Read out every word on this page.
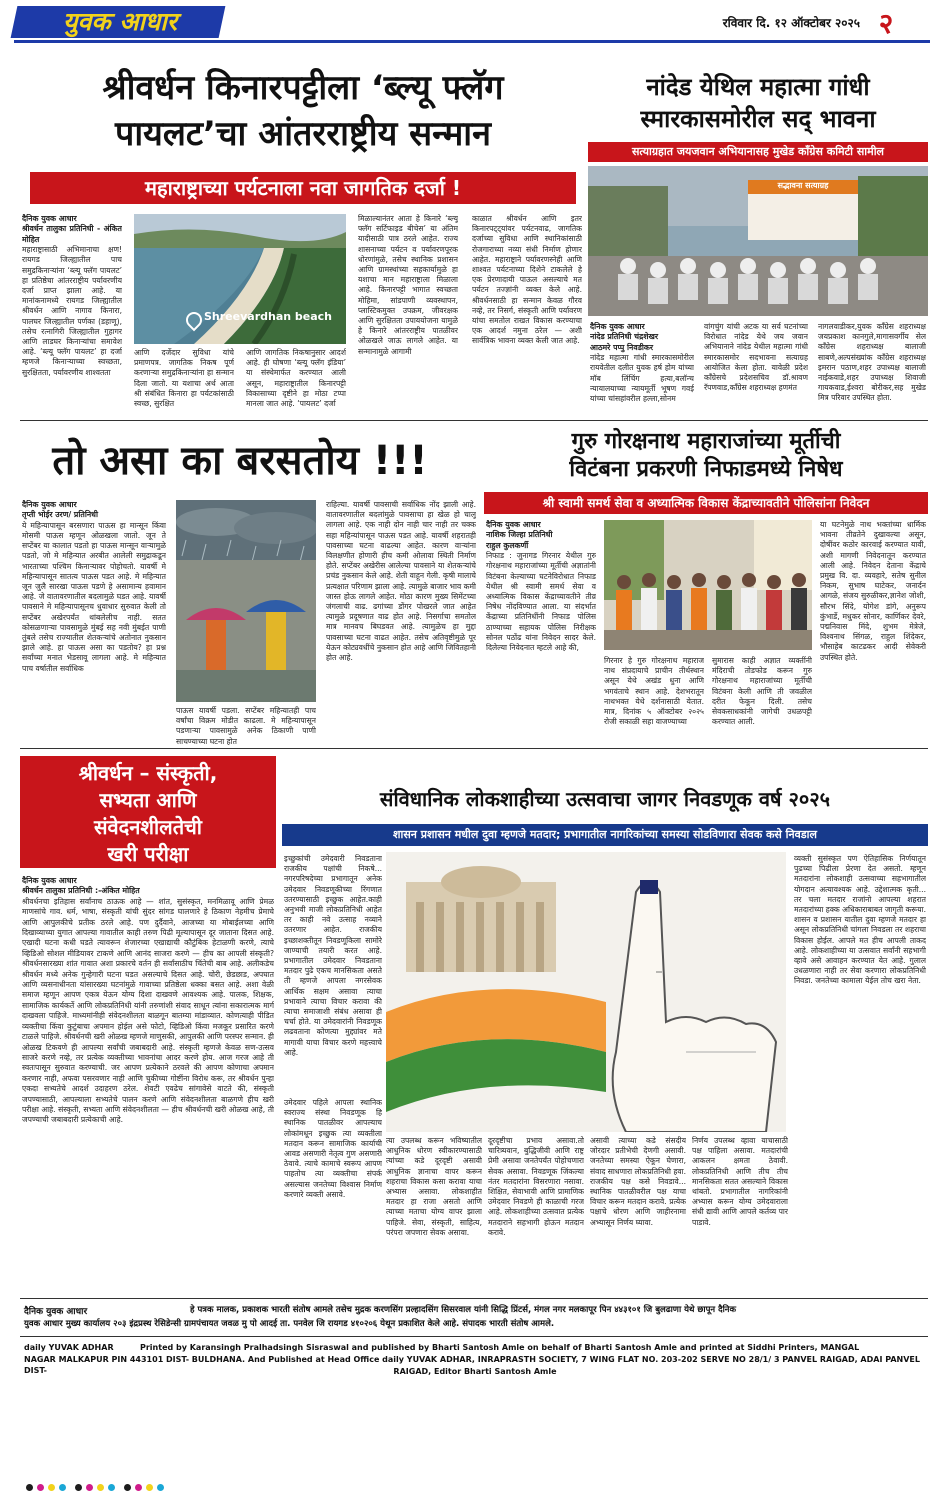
युवक आधार	रविवार दि. १२ ऑक्टोबर २०२५ २
श्रीवर्धन किनारपट्टीला ‘ब्ल्यू फ्लॅग
पायलट’चा आंतरराष्ट्रीय सन्मान
महाराष्ट्राच्या पर्यटनाला नवा जागतिक दर्जा !
दैनिक युवक आधार
श्रीवर्धन तालुका प्रतिनिधी - अंकित मोहित
महाराष्ट्रासाठी अभिमानाचा क्षण! रायगड जिल्ह्यातील पाच समुद्रकिनाऱ्यांना ‘ब्ल्यू फ्लॅग पायलट’ हा प्रतिष्ठेचा आंतरराष्ट्रीय पर्यावरणीय दर्जा प्राप्त झाला आहे. या मानांकनामध्ये रायगड जिल्ह्यातील श्रीवर्धन आणि नागाव किनारा, पालघर जिल्ह्यातील पर्णका (डहाणू), तसेच रत्नागिरी जिल्ह्यातील गुहागर आणि लाडघर किनाऱ्यांचा समावेश आहे. ‘ब्ल्यू फ्लॅग पायलट’ हा दर्जा म्हणजे किनाऱ्याच्या स्वच्छता, सुरक्षितता, पर्यावरणीय शाश्वतता
Shreevardhan beach
आणि दर्जेदार सुविधा यांचे प्रमाणपत्र. जागतिक निकष पूर्ण करणाऱ्या समुद्रकिनाऱ्यांना हा सन्मान दिला जातो. या यशाचा अर्थ आता श्री संबंधित किनारा हा पर्यटकांसाठी स्वच्छ, सुरक्षित
आणि जागतिक निकषानुसार आदर्श आहे. ही घोषणा ‘ब्ल्यू फ्लॅग इंडिया’ या संस्थेमार्फत करण्यात आली असून, महाराष्ट्रातील किनारपट्टी विकासाच्या दृष्टीने हा मोठा टप्पा मानला जात आहे. ‘पायलट’ दर्जा
मिळाल्यानंतर आता हे किनारे ‘ब्ल्यू फ्लॅग सर्टिफाइड बीचेस’ या अंतिम यादीसाठी पात्र ठरले आहेत. राज्य शासनाच्या पर्यटन व पर्यावरणपूरक धोरणांमुळे, तसेच स्थानिक प्रशासन आणि ग्रामस्थांच्या सहकार्यामुळे हा यशाचा मान महाराष्ट्राला मिळाला आहे. किनारपट्टी भागात स्वच्छता मोहिमा, सांडपाणी व्यवस्थापन, प्लास्टिकमुक्त उपक्रम, जीवरक्षक आणि सुरक्षितता उपाययोजना यामुळे हे किनारे आंतरराष्ट्रीय पातळीवर ओळखले जाऊ लागले आहेत. या सन्मानामुळे आगामी
काळात श्रीवर्धन आणि इतर किनारपट्ट्यांवर पर्यटनवाढ, जागतिक दर्जाच्या सुविधा आणि स्थानिकांसाठी रोजगाराच्या नव्या संधी निर्माण होणार आहेत. महाराष्ट्राने पर्यावरणस्नेही आणि शाश्वत पर्यटनाच्या दिशेने टाकलेले हे एक प्रेरणादायी पाऊल असल्याचे मत पर्यटन तज्ज्ञांनी व्यक्त केले आहे. श्रीवर्धनसाठी हा सन्मान केवळ गौरव नव्हे, तर निसर्ग, संस्कृती आणि पर्यावरण यांचा समतोल राखत विकास करण्याचा एक आदर्श नमुना ठरेल — अशी सार्वत्रिक भावना व्यक्त केली जात आहे.
नांदेड येथिल महात्मा गांधी
स्मारकासमोरील सद् भावना
सत्याग्रहात जयजवान अभियानासह मुखेड काँग्रेस कमिटी सामील
सद्भावना सत्याग्रह
दैनिक युवक आधार
नांदेड प्रतिनिधी चंद्रशेखर
आठमरे पप्पु निवडीकर
नांदेड महात्मा गांधी स्मारकासमोरील रायवेतील दलीत युवक हर्ष होम यांच्या मॉब लिंचिंग हत्या,बलॉन्च न्यायालयाच्या न्यायमूर्ती भूषण गवई यांच्या चांसहांवरील हल्ला,सोनम
वांगचुंग यांची अटक या सर्व घटनांच्या विरोधात नांदेड येथे जय जवान अभियानाने नांदेड येथील महात्मा गांधी स्मारकासमोर सदभावना सत्याग्रह आयोजित केला होता. यावेळी प्रदेश काँग्रेसचे प्रदेशसचिव डॉ.श्रावण रॅपणवाड,काँग्रेस शहराध्यक्ष हणमंत
नागलवाडीकर,युवक काँग्रेस शहराध्यक्ष जयप्रकाश कानगुले,मागासवर्गीय सेल काँग्रेस शहराध्यक्ष बालाजी साबणे,अल्पसंख्यांक काँग्रेस शहराध्यक्ष इमरान पठाण,शहर उपाध्यक्ष बालाजी नाईकवाडे,शहर उपाध्यक्ष शिवाजी गायकवाड,ईश्वरा बोरीकर,सह मुखेड मित्र परिवार उपस्थित होता.
तो असा का बरसतोय !!!
दैनिक युवक आधार
तृप्ती भोईर उरण/ प्रतिनिधी
ये महिन्यापासून बरसणारा पाऊस हा मान्सून किंवा मोसमी पाऊस म्हणून ओळखला जातो. जून ते सप्टेंबर या कालात पडतो हा पाऊस मान्सून वाऱ्यामुळे पडतो, जो मे महिन्यात अरबीत आलेली समुद्राकडून भारताच्या पश्चिम किनाऱ्यावर पोहोचतो. यावर्षी मे महिन्यापासून सातत्य पाऊस पडत आहे. मे महिन्यात जून जुलै सारखा पाऊस पडणे हे असामान्य हवामान आहे. जे वातावरणातील बदलामुळे घडत आहे. यावर्षी पावसाने मे महिन्यापासूनच धुवाधार सुरुवात केली तो सप्टेंबर अखेरपर्यंत थांबलेलीच नाही. सतत कोसळणाऱ्या पावसामुळे मुंबई सह नवी मुंबईत पाणी तुंबले तसेच राज्यातील शेतकऱ्यांचे अतोनात नुकसान झाले आहे. हा पाऊस असा का पडतोय? हा प्रश्न सर्वांच्या मनात भेडसावू लागला आहे. मे महिन्यात पाच वर्षातील सर्वाधिक
पाऊस यावर्षी पडला. सप्टेंबर महिन्यातही पाच वर्षांचा विक्रम मोडीत काढला. मे महिन्यापासून पडणाऱ्या पावसामुळे अनेक ठिकाणी पाणी साचण्याच्या घटना होत
राहिल्या. यावर्षी पावसाची सर्वाधिक नोंद झाली आहे. वातावरणातील बदलांमुळे पावसाचा हा खेळ हो चालू लागला आहे. एक नाही दोन नाही चार नाही तर चक्क सहा महिन्यांपासून पाऊस पडत आहे. यावर्षी शहरातही पावसाच्या घटना वाढल्या आहेत. कारण वाऱ्यांना विलक्षणीत होणारी हीच कमी ओलावा स्थिती निर्माण होते. सप्टेंबर अखेरीस आलेल्या पावसाने या शेतकऱ्यांचे प्रचंड नुकसान केले आहे. शेती वाहून गेली. कृषी मालाचे प्रत्यक्षात परिणाम झाला आहे. त्यामुळे बाजार भाव कमी जास्त होऊ लागले आहेत. मोठा कारण मुख्य सिमेंटच्या जंगलाची वाढ. ढगांच्या डोंगर पोखरले जात आहेत त्यामुळे प्रदूषणात वाढ होत आहे. निसर्गाचा समतोल मात्र मानवच बिघडवत आहे. त्यामुळेच हा मुद्दा पावसाच्या घटना वाढत आहेत. तसेच अतिवृष्टीमुळे पूर येऊन कोट्यवधींचे नुकसान होत आहे आणि जिवितहानी होत आहे.
गुरु गोरक्षनाथ महाराजांच्या मूर्तीची
विटंबना प्रकरणी निफाडमध्ये निषेध
श्री स्वामी समर्थ सेवा व अध्यात्मिक विकास केंद्राच्यावतीने पोलिसांना निवेदन
दैनिक युवक आधार
नाशिक जिल्हा प्रतिनिधी
राहुल कुलकर्णी
निफाड : जुनागड गिरनार येथील गुरु गोरक्षनाथ महाराजांच्या मूर्तीची अज्ञातांनी विटंबना केल्याच्या घटनेविरोधात निफाड येथील श्री स्वामी समर्थ सेवा व अध्यात्मिक विकास केंद्राच्यावतीने तीव्र निषेध नोंदविण्यात आला. या संदर्भात केंद्राच्या प्रतिनिधींनी निफाड पोलिस ठाण्याच्या सहायक पोलिस निरीक्षक सोनल पठोंढ यांना निवेदन सादर केले. दिलेल्या निवेदनात म्हटले आहे की,
गिरनार हे गुरु गोरक्षनाथ महाराज नाथ संप्रदायाचे प्राचीन तीर्थस्थान असून येथे अखंड धुना आणि भगवंताचे स्थान आहे. देशभरातून नाथभक्त येथे दर्शनासाठी येतात. मात्र, दिनांक ५ ऑक्टोबर २०२५ रोजी सकाळी सहा वाजण्याच्या
सुमारास काही अज्ञात व्यक्तींनी मंदिराची तोडफोड करून गुरु गोरक्षनाथ महाराजांच्या मूर्तीची विटंबना केली आणि ती जवळील दरीत फेकून दिली. तसेच सेवकसाधकांनी जागेची उधळपट्टी करण्यात आली.
या घटनेमुळे नाथ भक्तांच्या धार्मिक भावना तीव्रतेने दुखावल्या असून, दोषींवर कठोर कारवाई करण्यात यावी, अशी मागणी निवेदनातून करण्यात आली आहे. निवेदन देताना केंद्राचे प्रमुख वि. दा. व्यवहारे, सतेष सुनील निकम, सुभाष घाटेकर, जनार्दन आगळे, संजय सुरुळीकर,ज्ञानेश जोशी, सौरभ सिंदे, योगेश डांगे, अनुरूप कुंभार्डे, मधुकर सोनार, कार्णिकर देवरे, पद्मनिवास मिंदे, शुभम मेत्रेजे, विश्वनाथ सिंगळ, राहुल शिंदेकर, भौसाहेब काटढकर आदी सेवेकरी उपस्थित होते.
श्रीवर्धन – संस्कृती,
सभ्यता आणि
संवेदनशीलतेची
खरी परीक्षा
दैनिक युवक आधार
श्रीवर्धन तालुका प्रतिनिधी :-अंकित मोहित
श्रीवर्धनचा इतिहास सर्वांनाच ठाऊक आहे — शांत, सुसंस्कृत, मनमिळावू आणि प्रेमळ माणसांचे गाव. धर्म, भाषा, संस्कृती यांची सुंदर सांगड घालणारे हे ठिकाण नेहमीच प्रेमाचे आणि आपुलकीचे प्रतीक ठरले आहे. पण दुर्दैवाने, आजच्या या मोबाईलच्या आणि दिखाव्याच्या युगात आपल्या गावातील काही तरुण पिढी मूल्यापासून दूर जाताना दिसत आहे. एखादी घटना कधी घडते त्यावरून शेजारच्या एखाद्याची कौटुंबिक हेटाळणी करणे, त्याचे व्हिडिओ सोशल मीडियावर टाकणे आणि आनंद साजरा करणे — हीच का आपली संस्कृती? श्रीवर्धनसारख्या शांत गावात अशा प्रकारचे वर्तन ही सर्वांसाठीच चिंतेची बाब आहे. अलीकडेच श्रीवर्धन मध्ये अनेक गुन्हेगारी घटना घडत असल्याचे दिसत आहे. चोरी, छेडछाड, अपघात आणि व्यसनाधीनता यांसारख्या घटनांमुळे गावाच्या प्रतिष्ठेला धक्का बसत आहे. अशा वेळी समाज म्हणून आपण एकत्र येऊन योग्य दिशा दाखवणे आवश्यक आहे. पालक, शिक्षक, सामाजिक कार्यकर्ते आणि लोकप्रतिनिधी यांनी तरुणांशी संवाद साधून त्यांना सकारात्मक मार्ग दाखवला पाहिजे. माध्यमांनीही संवेदनशीलता बाळगून बातम्या मांडाव्यात. कोणत्याही पीडित व्यक्तीचा किंवा कुटुंबाचा अपमान होईल असे फोटो, व्हिडिओ किंवा मजकूर प्रसारित करणे टाळले पाहिजे. श्रीवर्धनची खरी ओळख म्हणजे माणुसकी, आपुलकी आणि परस्पर सन्मान. ही ओळख टिकवणे ही आपल्या सर्वांची जबाबदारी आहे. संस्कृती म्हणजे केवळ सण-उत्सव साजरे करणे नव्हे, तर प्रत्येक व्यक्तीच्या भावनांचा आदर करणे होय. आज गरज आहे ती स्वतःपासून सुरुवात करण्याची. जर आपण प्रत्येकाने ठरवले की आपण कोणाचा अपमान करणार नाही, अफवा पसरवणार नाही आणि चुकीच्या गोष्टींना विरोध करू, तर श्रीवर्धन पुन्हा एकदा सभ्यतेचे आदर्श उदाहरण ठरेल. शेवटी एवढेच सांगावेसे वाटते की, संस्कृती जपण्यासाठी, आपल्याला सभ्यतेचे पालन करणे आणि संवेदनशीलता बाळगणे हीच खरी परीक्षा आहे. संस्कृती, सभ्यता आणि संवेदनशीलता — हीच श्रीवर्धनची खरी ओळख आहे, ती जपण्याची जबाबदारी प्रत्येकाची आहे.
संविधानिक लोकशाहीच्या उत्सवाचा जागर निवडणूक वर्ष २०२५
शासन प्रशासन मधील दुवा म्हणजे मतदार; प्रभागातील नागरिकांच्या समस्या सोडविणारा सेवक कसे निवडाल
इच्छुकांची उमेदवारी निवडताना राजकीय पक्षांची निकषे... नगरपरिषदेच्या प्रभागातून अनेक उमेदवार निवडणूकीच्या रिंगणात उतरण्यासाठी इच्छुक आहेत.काही अनुभवी माजी लोकप्रतिनिधी आहेत तर काही नवे उत्साह नव्याने उतरणार आहेत. राजकीय इच्छाशक्तीतून निवडणूकिला सामोरे जाण्याची तयारी करत आहे. प्रभागातील उमेदवार निवडताना मतदार पुढे एकच मानसिकता असते ती म्हणजे आपला नगरसेवक आर्थिक सक्षम असावा त्याचा प्रभावाने त्याचा विचार करावा की त्याचा समाजाशी संबंध असावा ही चर्चा होते. या उमेदवारांनी निवडणूक लढवताना कोणत्या मुद्द्यांवर मते मागावी याचा विचार करणे महत्त्वाचे आहे.
उमेदवार पहिले आपला स्थानिक स्वराज्य संस्था निवडणूक हि स्थानिक पातळीवर आपल्याच लोकांमधून इच्छुक त्या व्यक्तीला मतदान करून सामाजिक कार्याची आवड असणारी नेतृत्व गुण असणारी ठेवावे. त्याचे कामाचे स्वरूप आपण पाहतोच त्या व्यक्तीचा संपर्क असल्यास जनतेच्या विश्वास निर्माण करणारे व्यक्ती असावे.
त्या उपलब्ध करून भविष्यातील आधुनिक धोरण स्वीकारण्यासाठी त्यांच्या कडे दूरदृष्टी असावी आधुनिक ज्ञानाचा वापर करून शहराचा विकास कसा करावा याचा अभ्यास असावा. लोकशाहीत मतदार हा राजा असतो आणि त्याच्या मताचा योग्य वापर झाला पाहिजे. सेवा, संस्कृती, साहित्य, परंपरा जपणारा सेवक असावा.
दूरदृष्टीचा प्रभाव असावा.तो चारित्र्यवान, बुद्धिजीवी आणि राष्ट्र प्रेमी असावा जनतेपर्यंत पोहोचणारा सेवक असावा. निवडणूक जिंकल्या नंतर मतदारांना विसरणारा नसावा. शिक्षित, सेवाभावी आणि प्रामाणिक उमेदवार निवडणे ही काळाची गरज आहे. लोकशाहीच्या उत्सवात प्रत्येक मतदाराने सहभागी होऊन मतदान करावे.
असावी त्याच्या कडे संसदीय जोरदार प्रतीभेची देणगी असावी. जनतेच्या समस्या ऐकून घेणारा, संवाद साधणारा लोकप्रतिनिधी हवा. राजकीय पक्ष कसे निवडावे... स्थानिक पातळीवरील पक्ष याचा विचार करून मतदान करावे. प्रत्येक पक्षाचे धोरण आणि जाहीरनामा अभ्यासून निर्णय घ्यावा.
निर्णय उपलब्ध व्हावा याचासाठी पक्ष पाहिला असावा. मतदारांची आकलन क्षमता ठेवावी. लोकप्रतिनिधी आणि तीच तीच मानसिकता सतत असल्याने विकास थांबतो. प्रभागातील नागरिकांनी अभ्यास करून योग्य उमेदवाराला संधी द्यावी आणि आपले कर्तव्य पार पाडावे.
व्यक्ती सुसंस्कृत पण ऐतिहासिक निर्णयातून पुढच्या पिढीला प्रेरणा देत असतो. म्हणून मतदारांना लोकशाही उत्सवाच्या सहभागातील योगदान अत्यावश्यक आहे. उद्देशात्मक कृती... तर चला मतदार राजांनो आपल्या शहरात मतदारांच्या हक्क अधिकाराबाबत जागृती करूया. शासन व प्रशासन यातील दुवा म्हणजे मतदार हा असून लोकप्रतिनिधी चांगला निवडला तर शहराचा विकास होईल. आपले मत हीच आपली ताकद आहे. लोकशाहीच्या या उत्सवात सर्वांनी सहभागी व्हावे असे आवाहन करण्यात येत आहे. गुलाल उधळणारा नाही तर सेवा करणारा लोकप्रतिनिधी निवडा. जनतेच्या कामाला येईल तोच खरा नेता.
दैनिक युवक आधार	हे पत्रक मालक, प्रकाशक भारती संतोष आमले तसेच मुद्रक करणसिंग प्रल्हादसिंग सिसरवाल यांनी सिद्धि प्रिंटर्स, मंगल नगर मलकापूर पिन ४४३१०१ जि बुलढाणा येथे छापून दैनिक
युवक आधार मुख्य कार्यालय २०३ इंद्रप्रस्थ रेसिडेन्सी ग्रामपंचायत जवळ मु पो आदई ता. पनवेल जि रायगड ४१०२०६ येथून प्रकाशित केले आहे. संपादक भारती संतोष आमले.
daily YUVAK ADHAR	Printed by Karansingh Pralhadsingh Sisraswal and published by Bharti Santosh Amle on behalf of Bharti Santosh Amle and printed at Siddhi Printers, MANGAL
NAGAR MALKAPUR PIN 443101 DIST- BULDHANA. And Published at Head Office daily YUVAK ADHAR, INRAPRASTH SOCIETY, 7 WING FLAT NO. 203-202 SERVE NO 28/1/ 3 PANVEL RAIGAD, ADAI PANVEL DIST-	RAIGAD, Editor Bharti Santosh Amle
